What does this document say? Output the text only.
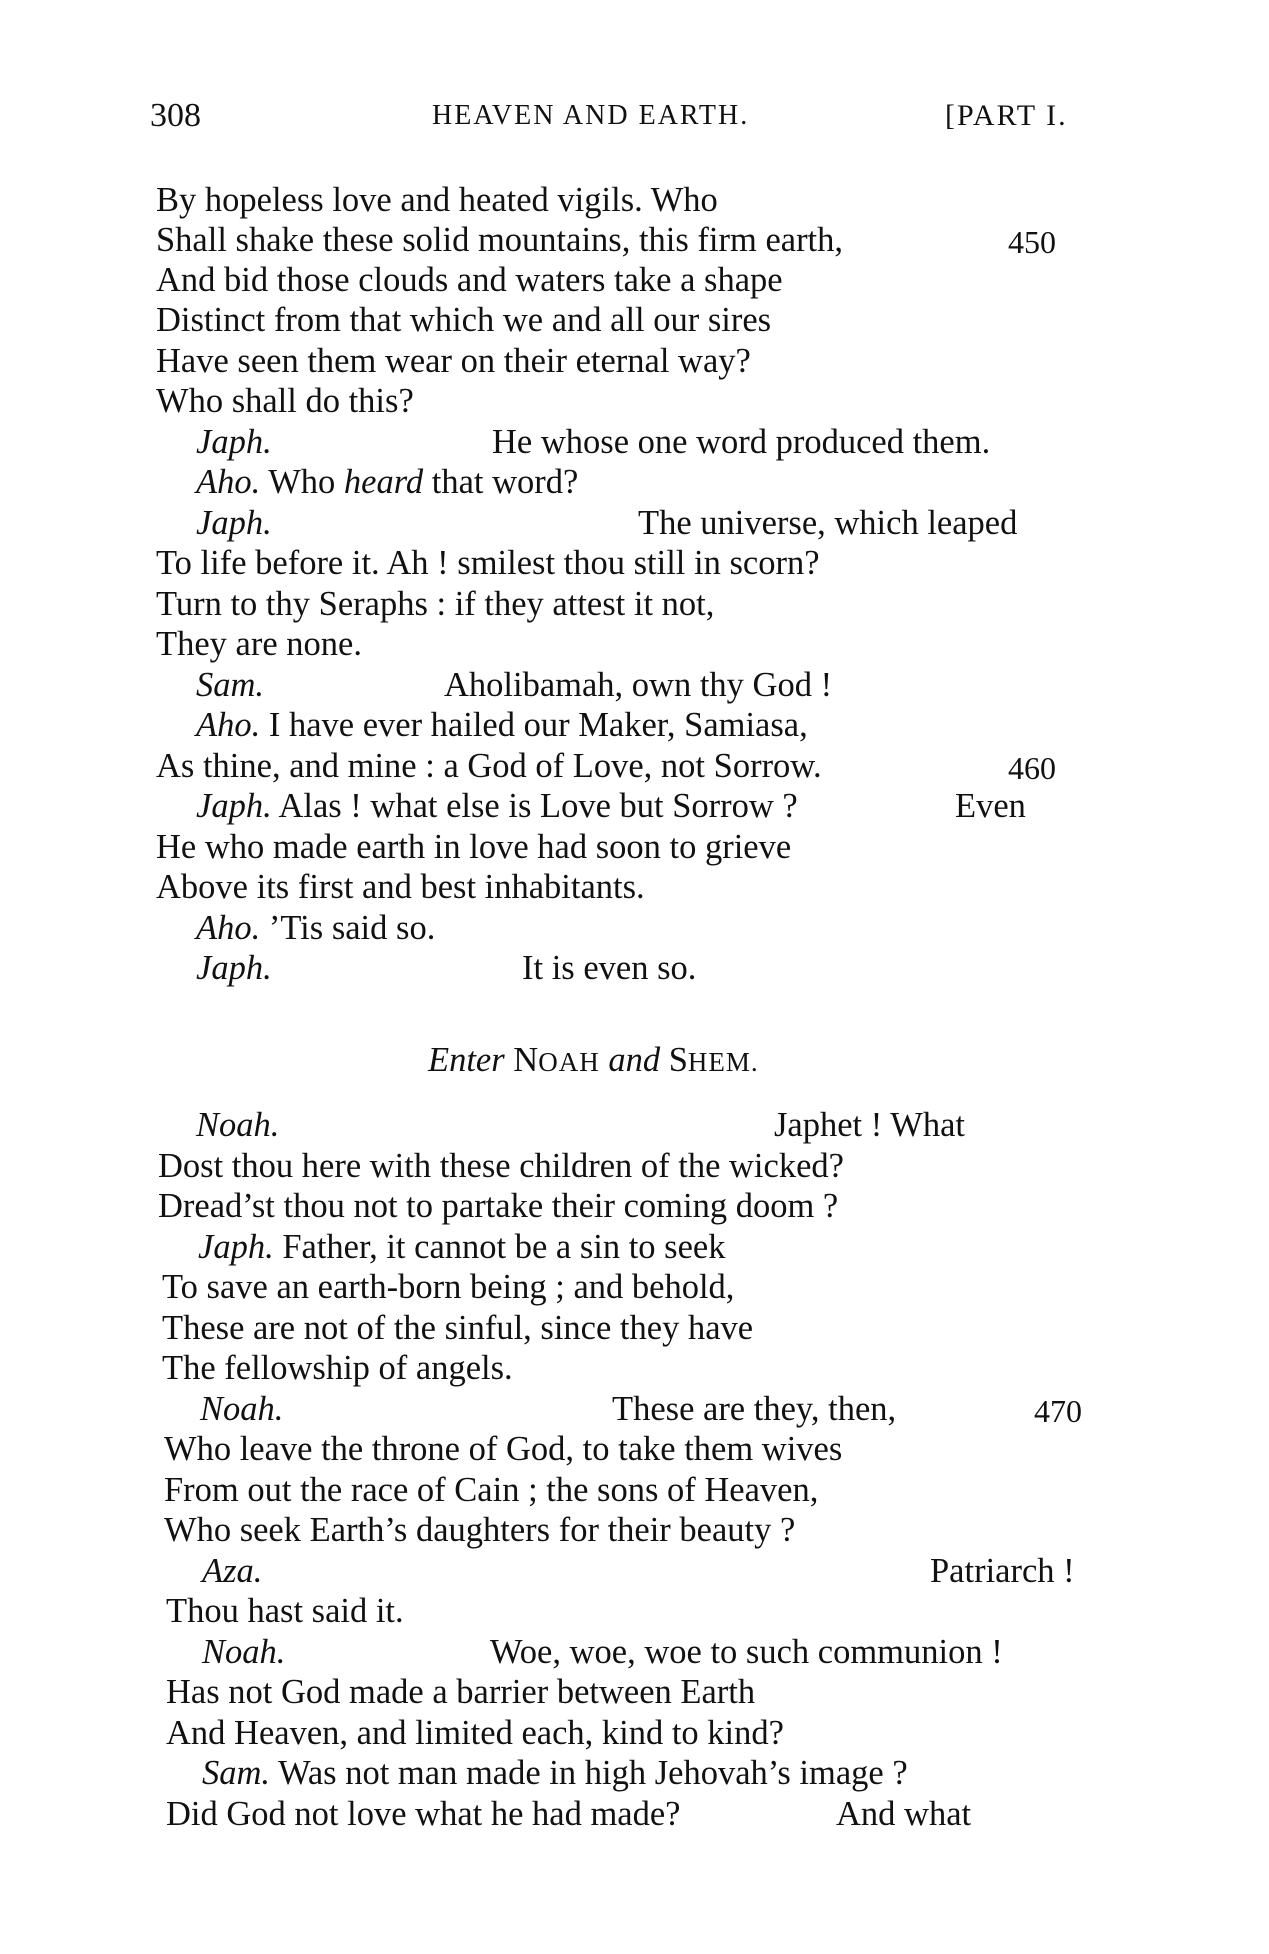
308	HEAVEN AND EARTH.	[PART I.
By hopeless love and heated vigils. Who
Shall shake these solid mountains, this firm earth,	450
And bid those clouds and waters take a shape
Distinct from that which we and all our sires
Have seen them wear on their eternal way?
Who shall do this?
Japh.	He whose one word produced them.
Aho. Who heard that word?
Japh.	The universe, which leaped
To life before it. Ah ! smilest thou still in scorn?
Turn to thy Seraphs : if they attest it not,
They are none.
Sam.	Aholibamah, own thy God !
Aho. I have ever hailed our Maker, Samiasa,
As thine, and mine : a God of Love, not Sorrow.	460
Japh. Alas ! what else is Love but Sorrow ?	Even
He who made earth in love had soon to grieve
Above its first and best inhabitants.
Aho. ’Tis said so.
Japh.	It is even so.
Enter NOAH and SHEM.
Noah.	Japhet ! What
Dost thou here with these children of the wicked?
Dread’st thou not to partake their coming doom ?
Japh. Father, it cannot be a sin to seek
To save an earth-born being ; and behold,
These are not of the sinful, since they have
The fellowship of angels.
Noah.	These are they, then,	470
Who leave the throne of God, to take them wives
From out the race of Cain ; the sons of Heaven,
Who seek Earth’s daughters for their beauty ?
Aza.	Patriarch !
Thou hast said it.
Noah.	Woe, woe, woe to such communion !
Has not God made a barrier between Earth
And Heaven, and limited each, kind to kind?
Sam. Was not man made in high Jehovah’s image ?
Did God not love what he had made?	And what
